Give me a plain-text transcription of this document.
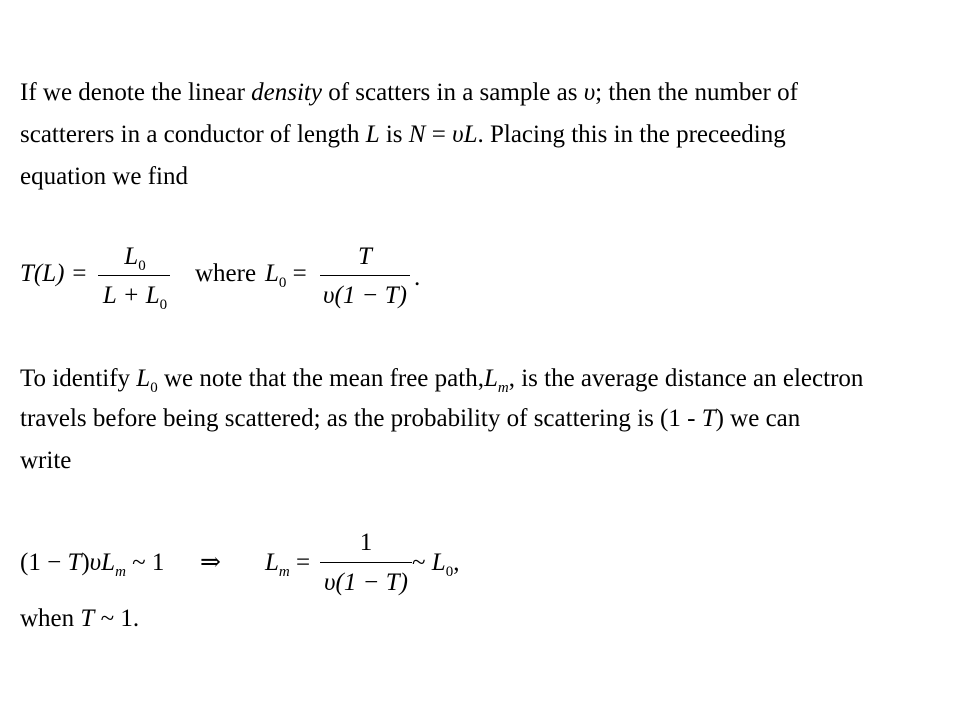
If we denote the linear density of scatters in a sample as υ; then the number of
scatterers in a conductor of length L is N = υL. Placing this in the preceeding
equation we find
T(L) =
$L_0$
$L + L_0$
where $L_0$ =
T
υ(1 − T)
.
To identify $L_0$ we note that the mean free $path,L_m$, is the average distance an electron
travels before being scattered; as the probability of scattering is (1 - T) we can
write
$(1 - T)\upsilon L_m$ ~ 1 ⇒ $L_m$ =
1
υ(1 − T)
~ $L_0$,
when T ~ 1.
